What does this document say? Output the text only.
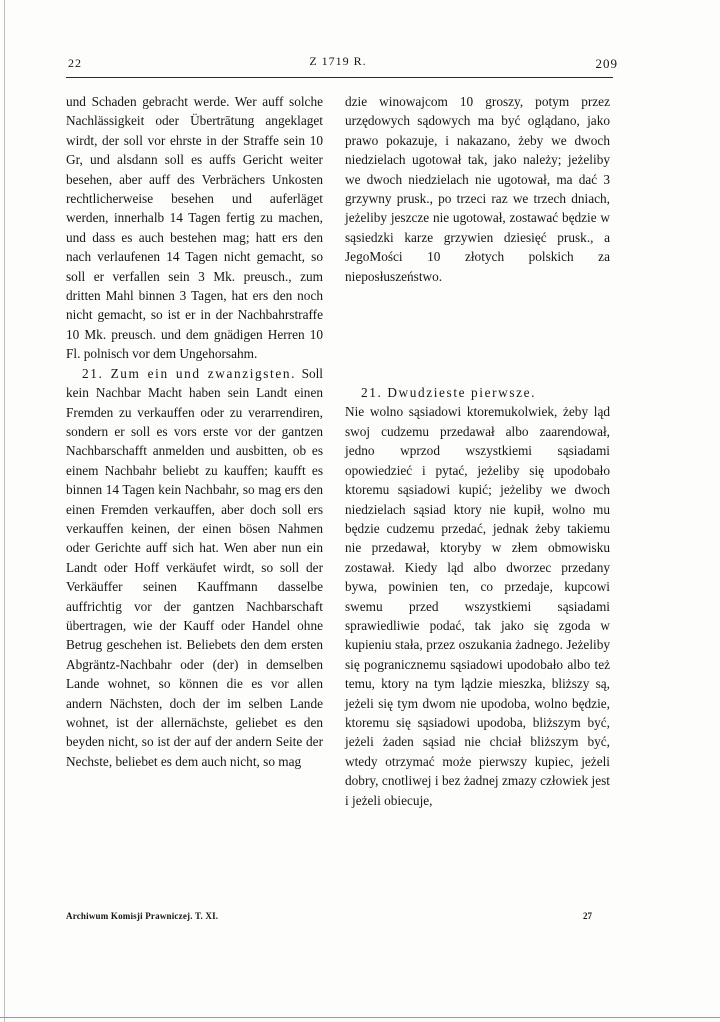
22	Z 1719 R.	209

und Schaden gebracht werde. Wer auff solche Nachlässigkeit oder Übertrātung angeklaget wirdt, der soll vor ehrste in der Straffe sein 10 Gr, und alsdann soll es auffs Gericht weiter besehen, aber auff des Verbrächers Unkosten rechtlicherweise besehen und auferläget werden, innerhalb 14 Tagen fertig zu machen, und dass es auch bestehen mag; hatt ers den nach verlaufenen 14 Tagen nicht gemacht, so soll er verfallen sein 3 Mk. preusch., zum dritten Mahl binnen 3 Tagen, hat ers den noch nicht gemacht, so ist er in der Nachbahrstraffe 10 Mk. preusch. und dem gnädigen Herren 10 Fl. polnisch vor dem Ungehorsahm.

21. Zum ein und zwanzigsten. Soll kein Nachbar Macht haben sein Landt einen Fremden zu verkauffen oder zu verarrendiren, sondern er soll es vors erste vor der gantzen Nachbarschafft anmelden und ausbitten, ob es einem Nachbahr beliebt zu kauffen; kaufft es binnen 14 Tagen kein Nachbahr, so mag ers den einen Fremden verkauffen, aber doch soll ers verkauffen keinen, der einen bösen Nahmen oder Gerichte auff sich hat. Wen aber nun ein Landt oder Hoff verkäufet wirdt, so soll der Verkäuffer seinen Kauffmann dasselbe auffrichtig vor der gantzen Nachbarschaft übertragen, wie der Kauff oder Handel ohne Betrug geschehen ist. Beliebets den dem ersten Abgräntz-Nachbahr oder (der) in demselben Lande wohnet, so können die es vor allen andern Nächsten, doch der im selben Lande wohnet, ist der allernächste, geliebet es den beyden nicht, so ist der auf der andern Seite der Nechste, beliebet es dem auch nicht, so mag

dzie winowajcom 10 groszy, potym przez urzędowych sądowych ma być oglądano, jako prawo pokazuje, i nakazano, żeby we dwoch niedzielach ugotował tak, jako należy; jeżeliby we dwoch niedzielach nie ugotował, ma dać 3 grzywny prusk., po trzeci raz we trzech dniach, jeżeliby jeszcze nie ugotował, zostawać będzie w sąsiedzki karze grzywien dziesięć prusk., a JegoMości 10 złotych polskich za nieposłuszeństwo.

21. Dwudzieste pierwsze.

Nie wolno sąsiadowi ktoremukolwiek, żeby ląd swoj cudzemu przedawał albo zaarendował, jedno wprzod wszystkiemi sąsiadami opowiedzieć i pytać, jeżeliby się upodobało ktoremu sąsiadowi kupić; jeżeliby we dwoch niedzielach sąsiad ktory nie kupił, wolno mu będzie cudzemu przedać, jednak żeby takiemu nie przedawał, ktoryby w złem obmowisku zostawał. Kiedy ląd albo dworzec przedany bywa, powinien ten, co przedaje, kupcowi swemu przed wszystkiemi sąsiadami sprawiedliwie podać, tak jako się zgoda w kupieniu stała, przez oszukania żadnego. Jeżeliby się pogranicznemu sąsiadowi upodobało albo też temu, ktory na tym lądzie mieszka, bliższy są, jeżeli się tym dwom nie upodoba, wolno będzie, ktoremu się sąsiadowi upodoba, bliższym być, jeżeli żaden sąsiad nie chciał bliższym być, wtedy otrzymać może pierwszy kupiec, jeżeli dobry, cnotliwej i bez żadnej zmazy człowiek jest i jeżeli obiecuje,

Archiwum Komisji Prawniczej. T. XI.	27
